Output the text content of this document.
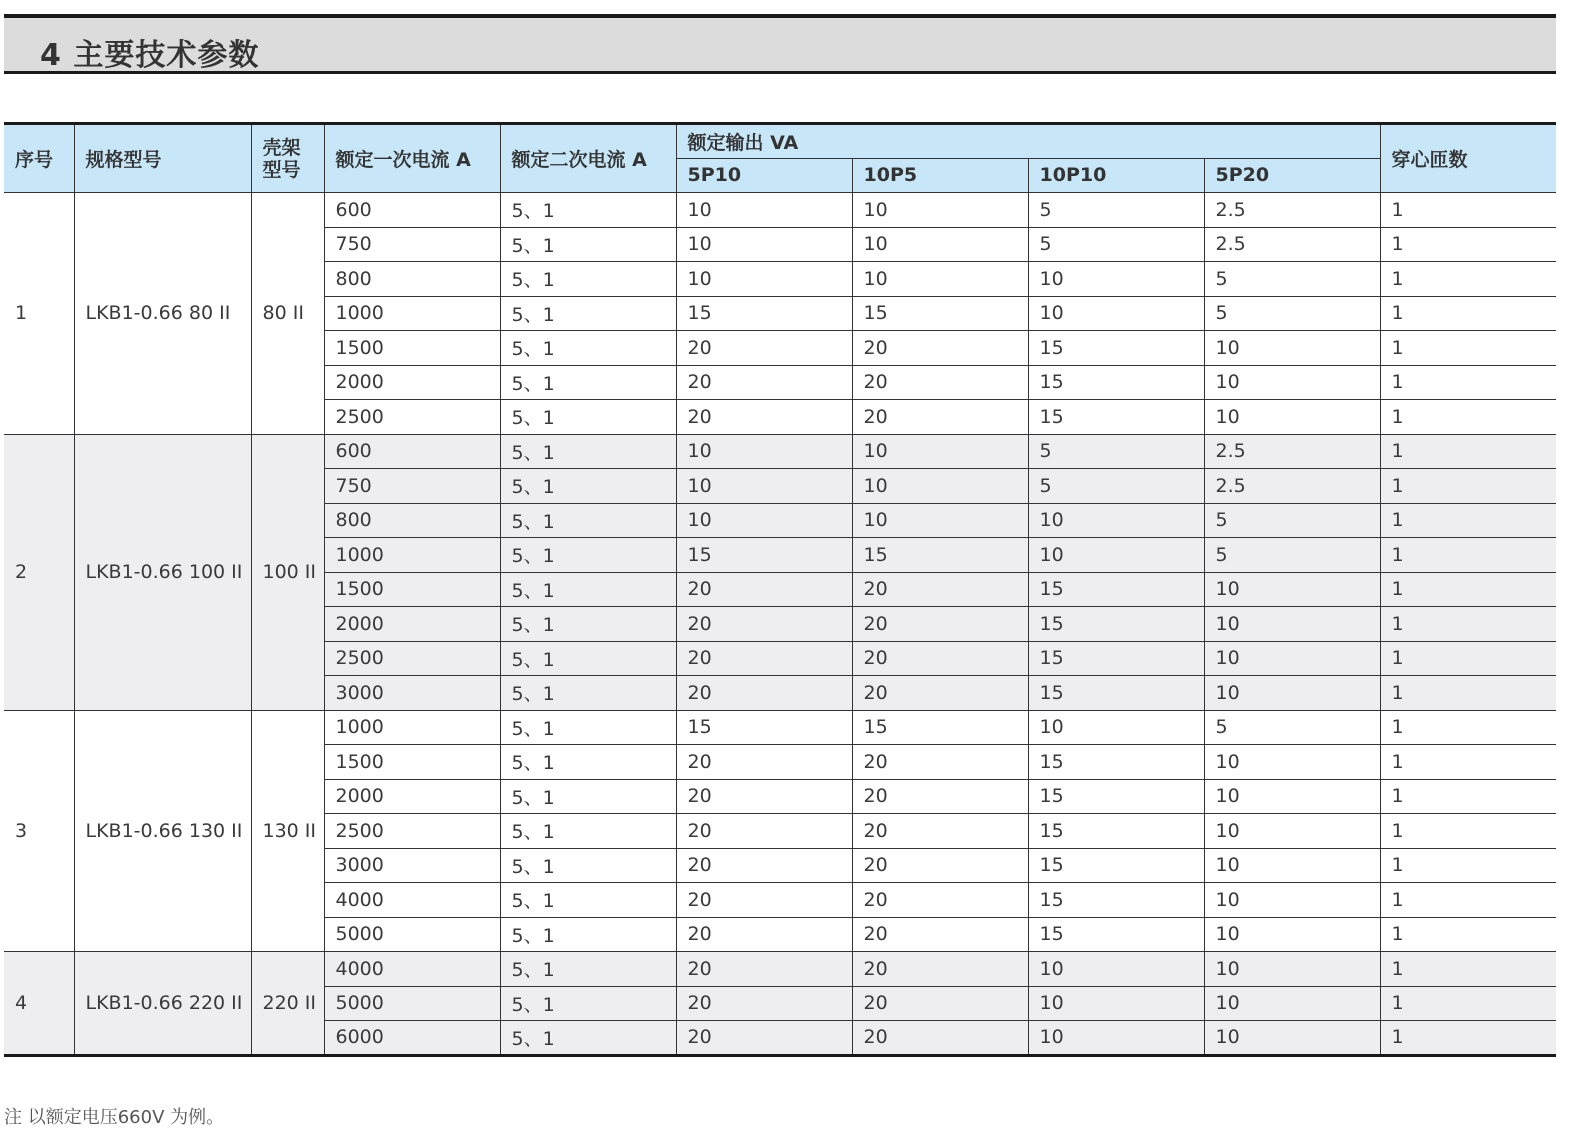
4 主要技术参数
序号	规格型号	壳架型号	额定一次电流 A	额定二次电流 A	额定输出 VA				穿心匝数
					5P10	10P5	10P10	5P20	
1	LKB1-0.66 80 II	80 II	600	5、1	10	10	5	2.5	1
			750	5、1	10	10	5	2.5	1
			800	5、1	10	10	10	5	1
			1000	5、1	15	15	10	5	1
			1500	5、1	20	20	15	10	1
			2000	5、1	20	20	15	10	1
			2500	5、1	20	20	15	10	1
2	LKB1-0.66 100 II	100 II	600	5、1	10	10	5	2.5	1
			750	5、1	10	10	5	2.5	1
			800	5、1	10	10	10	5	1
			1000	5、1	15	15	10	5	1
			1500	5、1	20	20	15	10	1
			2000	5、1	20	20	15	10	1
			2500	5、1	20	20	15	10	1
			3000	5、1	20	20	15	10	1
3	LKB1-0.66 130 II	130 II	1000	5、1	15	15	10	5	1
			1500	5、1	20	20	15	10	1
			2000	5、1	20	20	15	10	1
			2500	5、1	20	20	15	10	1
			3000	5、1	20	20	15	10	1
			4000	5、1	20	20	15	10	1
			5000	5、1	20	20	15	10	1
4	LKB1-0.66 220 II	220 II	4000	5、1	20	20	10	10	1
			5000	5、1	20	20	10	10	1
			6000	5、1	20	20	10	10	1
注 以额定电压660V 为例。
